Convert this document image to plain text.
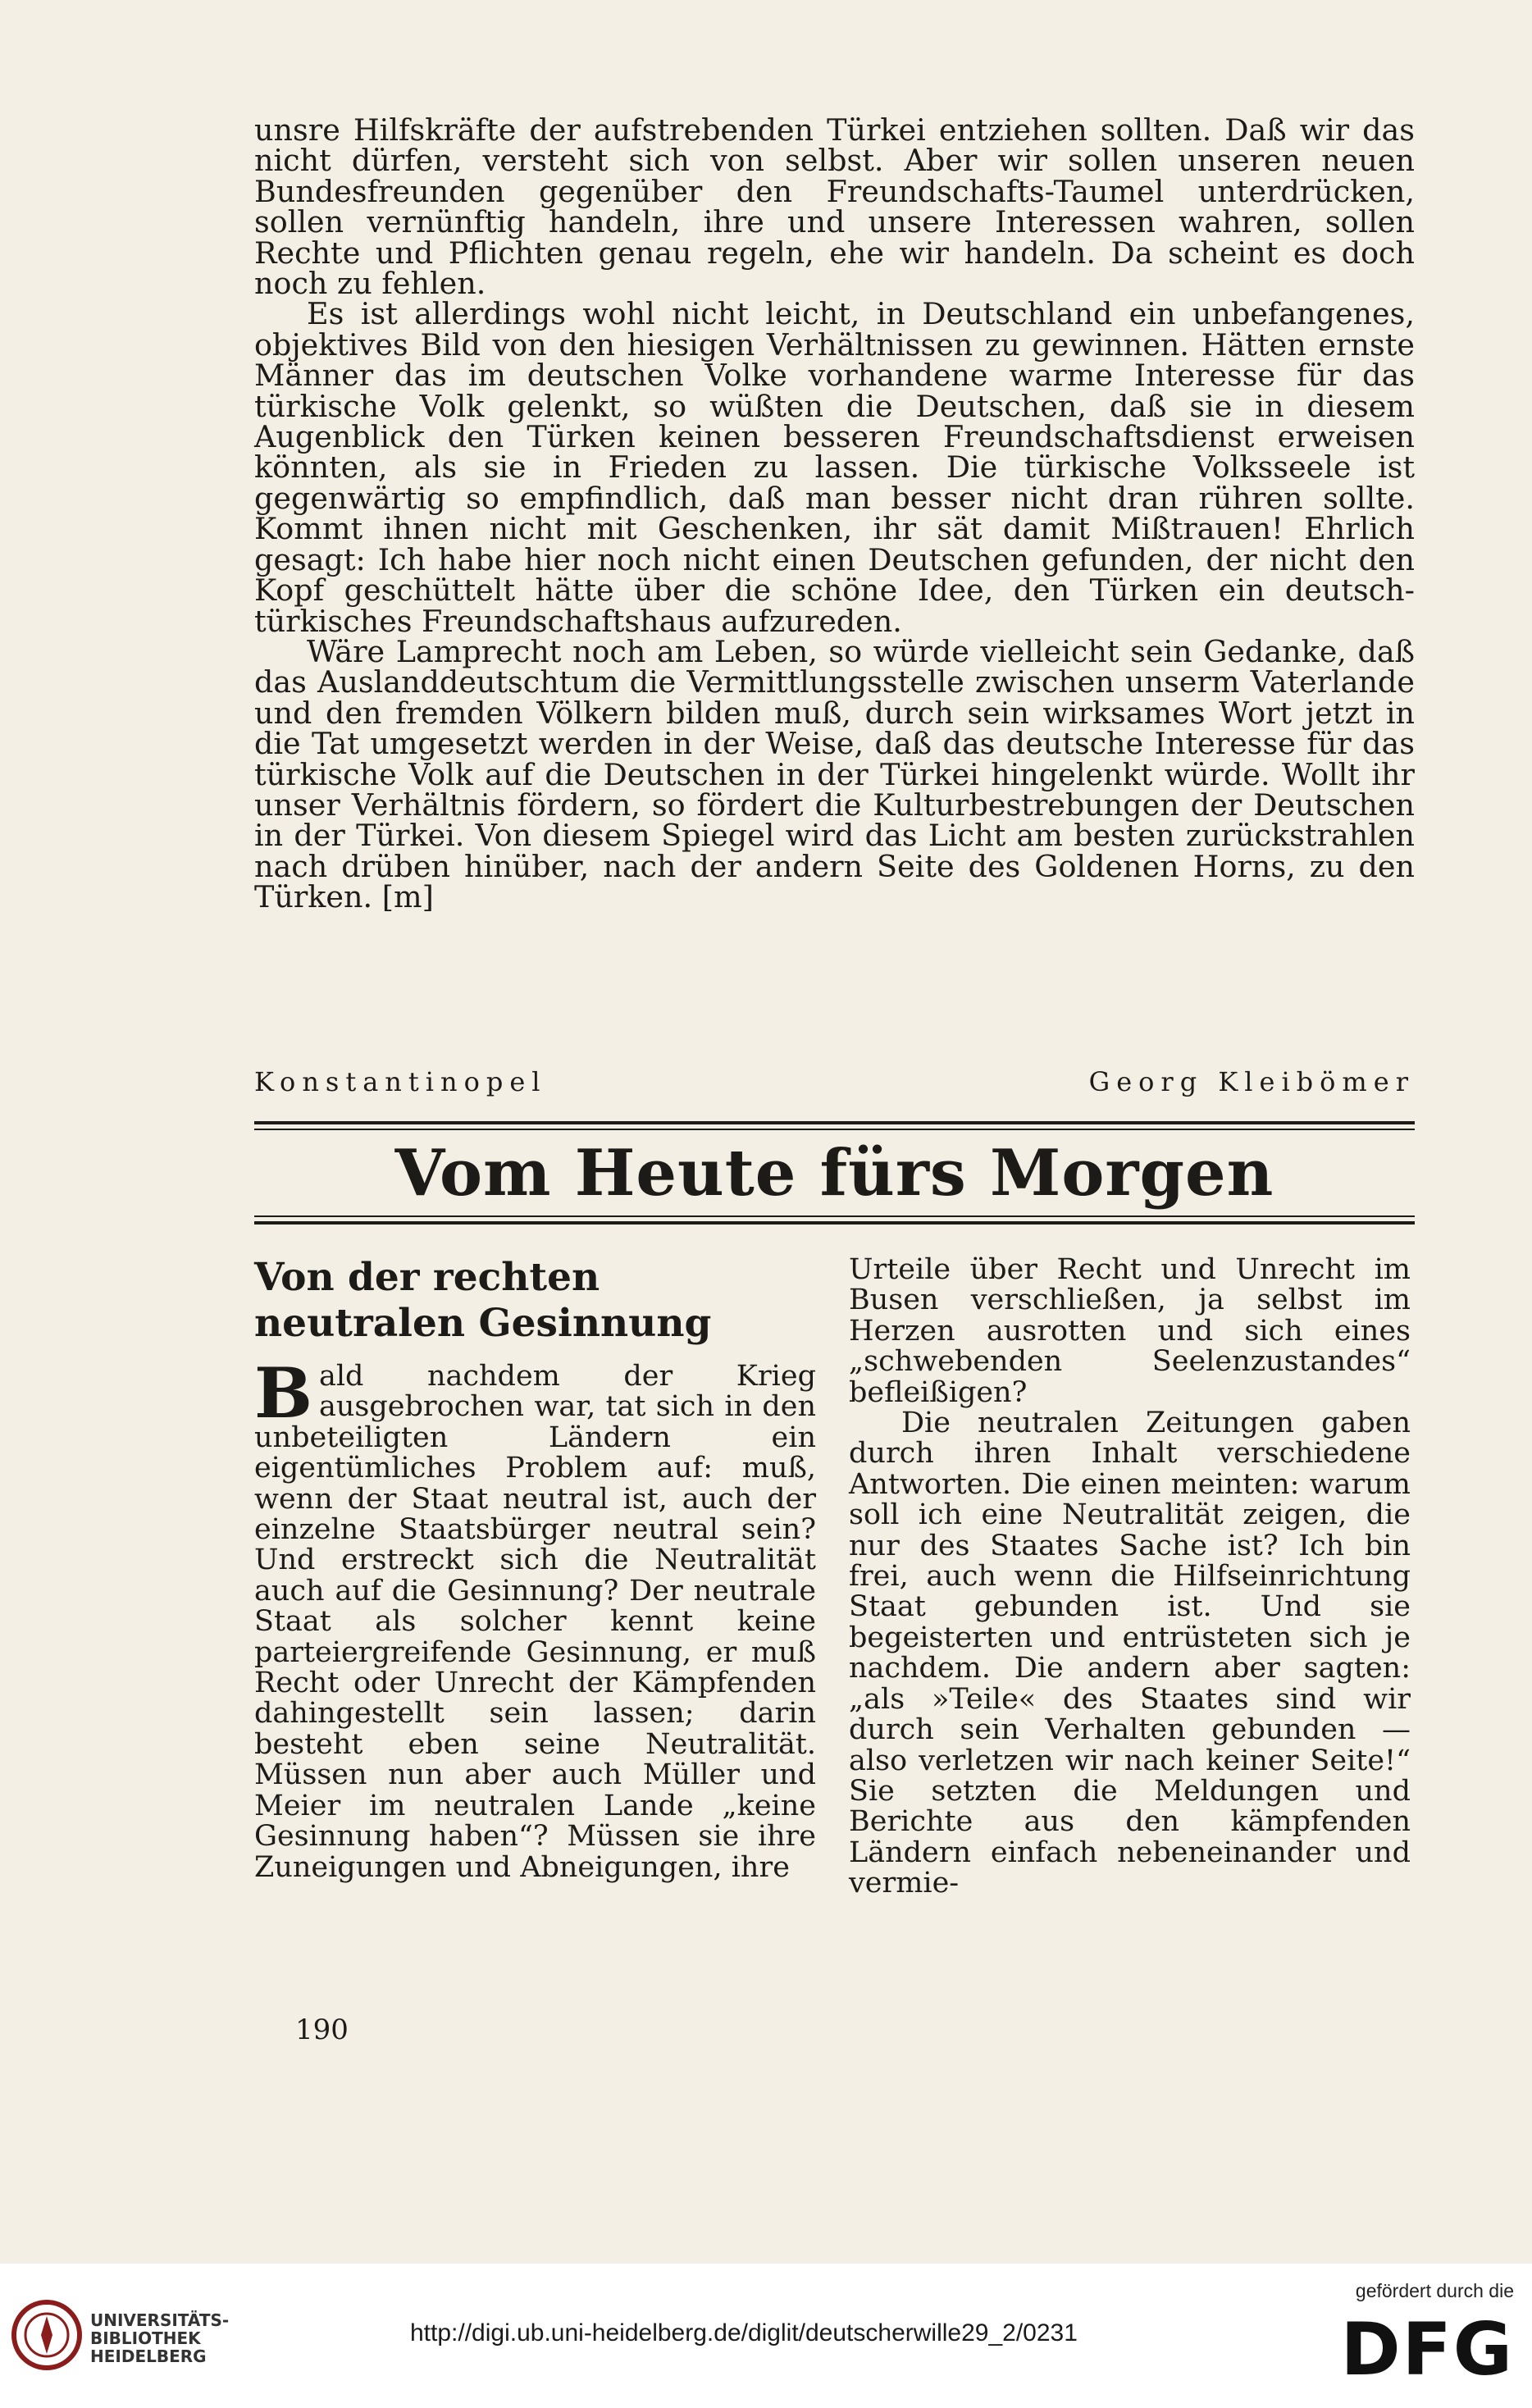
unsre Hilfskräfte der aufstrebenden Türkei entziehen sollten. Daß wir das nicht dürfen, versteht sich von selbst. Aber wir sollen unseren neuen Bundesfreunden gegenüber den Freundschafts-Taumel unterdrücken, sollen vernünftig handeln, ihre und unsere Interessen wahren, sollen Rechte und Pflichten genau regeln, ehe wir handeln. Da scheint es doch noch zu fehlen.

Es ist allerdings wohl nicht leicht, in Deutschland ein unbefangenes, objektives Bild von den hiesigen Verhältnissen zu gewinnen. Hätten ernste Männer das im deutschen Volke vorhandene warme Interesse für das türkische Volk gelenkt, so wüßten die Deutschen, daß sie in diesem Augenblick den Türken keinen besseren Freundschaftsdienst erweisen könnten, als sie in Frieden zu lassen. Die türkische Volksseele ist gegenwärtig so empfindlich, daß man besser nicht dran rühren sollte. Kommt ihnen nicht mit Geschenken, ihr sät damit Mißtrauen! Ehrlich gesagt: Ich habe hier noch nicht einen Deutschen gefunden, der nicht den Kopf geschüttelt hätte über die schöne Idee, den Türken ein deutsch-türkisches Freundschaftshaus aufzureden.

Wäre Lamprecht noch am Leben, so würde vielleicht sein Gedanke, daß das Auslanddeutschtum die Vermittlungsstelle zwischen unserm Vaterlande und den fremden Völkern bilden muß, durch sein wirksames Wort jetzt in die Tat umgesetzt werden in der Weise, daß das deutsche Interesse für das türkische Volk auf die Deutschen in der Türkei hingelenkt würde. Wollt ihr unser Verhältnis fördern, so fördert die Kulturbestrebungen der Deutschen in der Türkei. Von diesem Spiegel wird das Licht am besten zurückstrahlen nach drüben hinüber, nach der andern Seite des Goldenen Horns, zu den Türken. [m]

Konstantinopel	Georg Kleibömer
Vom Heute fürs Morgen
Von der rechten neutralen Gesinnung

Bald nachdem der Krieg ausgebrochen war, tat sich in den unbeteiligten Ländern ein eigentümliches Problem auf: muß, wenn der Staat neutral ist, auch der einzelne Staatsbürger neutral sein? Und erstreckt sich die Neutralität auch auf die Gesinnung? Der neutrale Staat als solcher kennt keine parteiergreifende Gesinnung, er muß Recht oder Unrecht der Kämpfenden dahingestellt sein lassen; darin besteht eben seine Neutralität. Müssen nun aber auch Müller und Meier im neutralen Lande „keine Gesinnung haben“? Müssen sie ihre Zuneigungen und Abneigungen, ihre

Urteile über Recht und Unrecht im Busen verschließen, ja selbst im Herzen ausrotten und sich eines „schwebenden Seelenzustandes“ befleißigen?

Die neutralen Zeitungen gaben durch ihren Inhalt verschiedene Antworten. Die einen meinten: warum soll ich eine Neutralität zeigen, die nur des Staates Sache ist? Ich bin frei, auch wenn die Hilfseinrichtung Staat gebunden ist. Und sie begeisterten und entrüsteten sich je nachdem. Die andern aber sagten: „als »Teile« des Staates sind wir durch sein Verhalten gebunden — also verletzen wir nach keiner Seite!“ Sie setzten die Meldungen und Berichte aus den kämpfenden Ländern einfach nebeneinander und vermie-

190
UNIVERSITÄTS-
BIBLIOTHEK
HEIDELBERG
http://digi.ub.uni-heidelberg.de/diglit/deutscherwille29_2/0231
gefördert durch die
DFG
